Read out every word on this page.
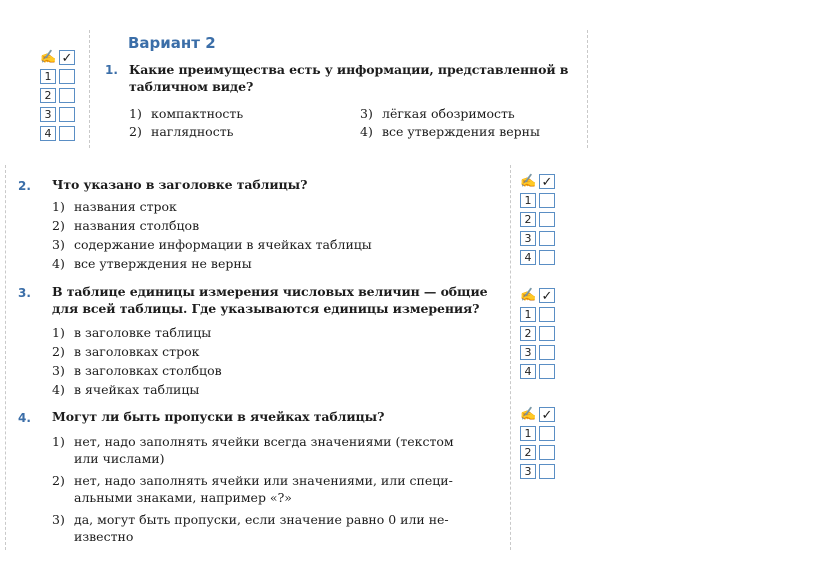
Вариант 2
✍ ✓
1
2
3
4
1. Какие преимущества есть у информации, представленной в
табличном виде?
1) компактность
2) наглядность
3) лёгкая обозримость
4) все утверждения верны
2. Что указано в заголовке таблицы?
1) названия строк
2) названия столбцов
3) содержание информации в ячейках таблицы
4) все утверждения не верны
✍ ✓
1
2
3
4
3. В таблице единицы измерения числовых величин — общие
для всей таблицы. Где указываются единицы измерения?
1) в заголовке таблицы
2) в заголовках строк
3) в заголовках столбцов
4) в ячейках таблицы
✍ ✓
1
2
3
4
4. Могут ли быть пропуски в ячейках таблицы?
1) нет, надо заполнять ячейки всегда значениями (текстом
или числами)
2) нет, надо заполнять ячейки или значениями, или специ-
альными знаками, например «?»
3) да, могут быть пропуски, если значение равно 0 или не-
известно
✍ ✓
1
2
3
